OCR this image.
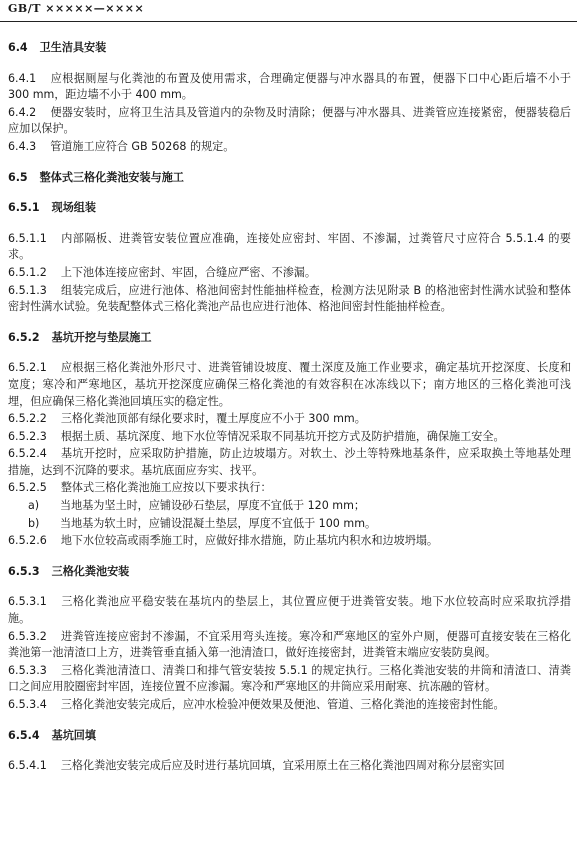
GB/T ×××××—××××
6.4 卫生洁具安装
6.4.1 应根据厕屋与化粪池的布置及使用需求，合理确定便器与冲水器具的布置，便器下口中心距后墙不小于 300 mm，距边墙不小于 400 mm。
6.4.2 便器安装时，应将卫生洁具及管道内的杂物及时清除；便器与冲水器具、进粪管应连接紧密，便器装稳后应加以保护。
6.4.3 管道施工应符合 GB 50268 的规定。
6.5 整体式三格化粪池安装与施工
6.5.1 现场组装
6.5.1.1 内部隔板、进粪管安装位置应准确，连接处应密封、牢固、不渗漏，过粪管尺寸应符合 5.5.1.4 的要求。
6.5.1.2 上下池体连接应密封、牢固，合缝应严密、不渗漏。
6.5.1.3 组装完成后，应进行池体、格池间密封性能抽样检查，检测方法见附录 B 的格池密封性满水试验和整体密封性满水试验。免装配整体式三格化粪池产品也应进行池体、格池间密封性能抽样检查。
6.5.2 基坑开挖与垫层施工
6.5.2.1 应根据三格化粪池外形尺寸、进粪管铺设坡度、覆土深度及施工作业要求，确定基坑开挖深度、长度和宽度；寒冷和严寒地区，基坑开挖深度应确保三格化粪池的有效容积在冰冻线以下；南方地区的三格化粪池可浅埋，但应确保三格化粪池回填压实的稳定性。
6.5.2.2 三格化粪池顶部有绿化要求时，覆土厚度应不小于 300 mm。
6.5.2.3 根据土质、基坑深度、地下水位等情况采取不同基坑开挖方式及防护措施，确保施工安全。
6.5.2.4 基坑开挖时，应采取防护措施，防止边坡塌方。对软土、沙土等特殊地基条件，应采取换土等地基处理措施，达到不沉降的要求。基坑底面应夯实、找平。
6.5.2.5 整体式三格化粪池施工应按以下要求执行：
a) 当地基为坚土时，应铺设砂石垫层，厚度不宜低于 120 mm；
b) 当地基为软土时，应铺设混凝土垫层，厚度不宜低于 100 mm。
6.5.2.6 地下水位较高或雨季施工时，应做好排水措施，防止基坑内积水和边坡坍塌。
6.5.3 三格化粪池安装
6.5.3.1 三格化粪池应平稳安装在基坑内的垫层上，其位置应便于进粪管安装。地下水位较高时应采取抗浮措施。
6.5.3.2 进粪管连接应密封不渗漏，不宜采用弯头连接。寒冷和严寒地区的室外户厕，便器可直接安装在三格化粪池第一池清渣口上方，进粪管垂直插入第一池清渣口，做好连接密封，进粪管末端应安装防臭阀。
6.5.3.3 三格化粪池清渣口、清粪口和排气管安装按 5.5.1 的规定执行。三格化粪池安装的井筒和清渣口、清粪口之间应用胶圈密封牢固，连接位置不应渗漏。寒冷和严寒地区的井筒应采用耐寒、抗冻融的管材。
6.5.3.4 三格化粪池安装完成后，应冲水检验冲便效果及便池、管道、三格化粪池的连接密封性能。
6.5.4 基坑回填
6.5.4.1 三格化粪池安装完成后应及时进行基坑回填，宜采用原土在三格化粪池四周对称分层密实回
